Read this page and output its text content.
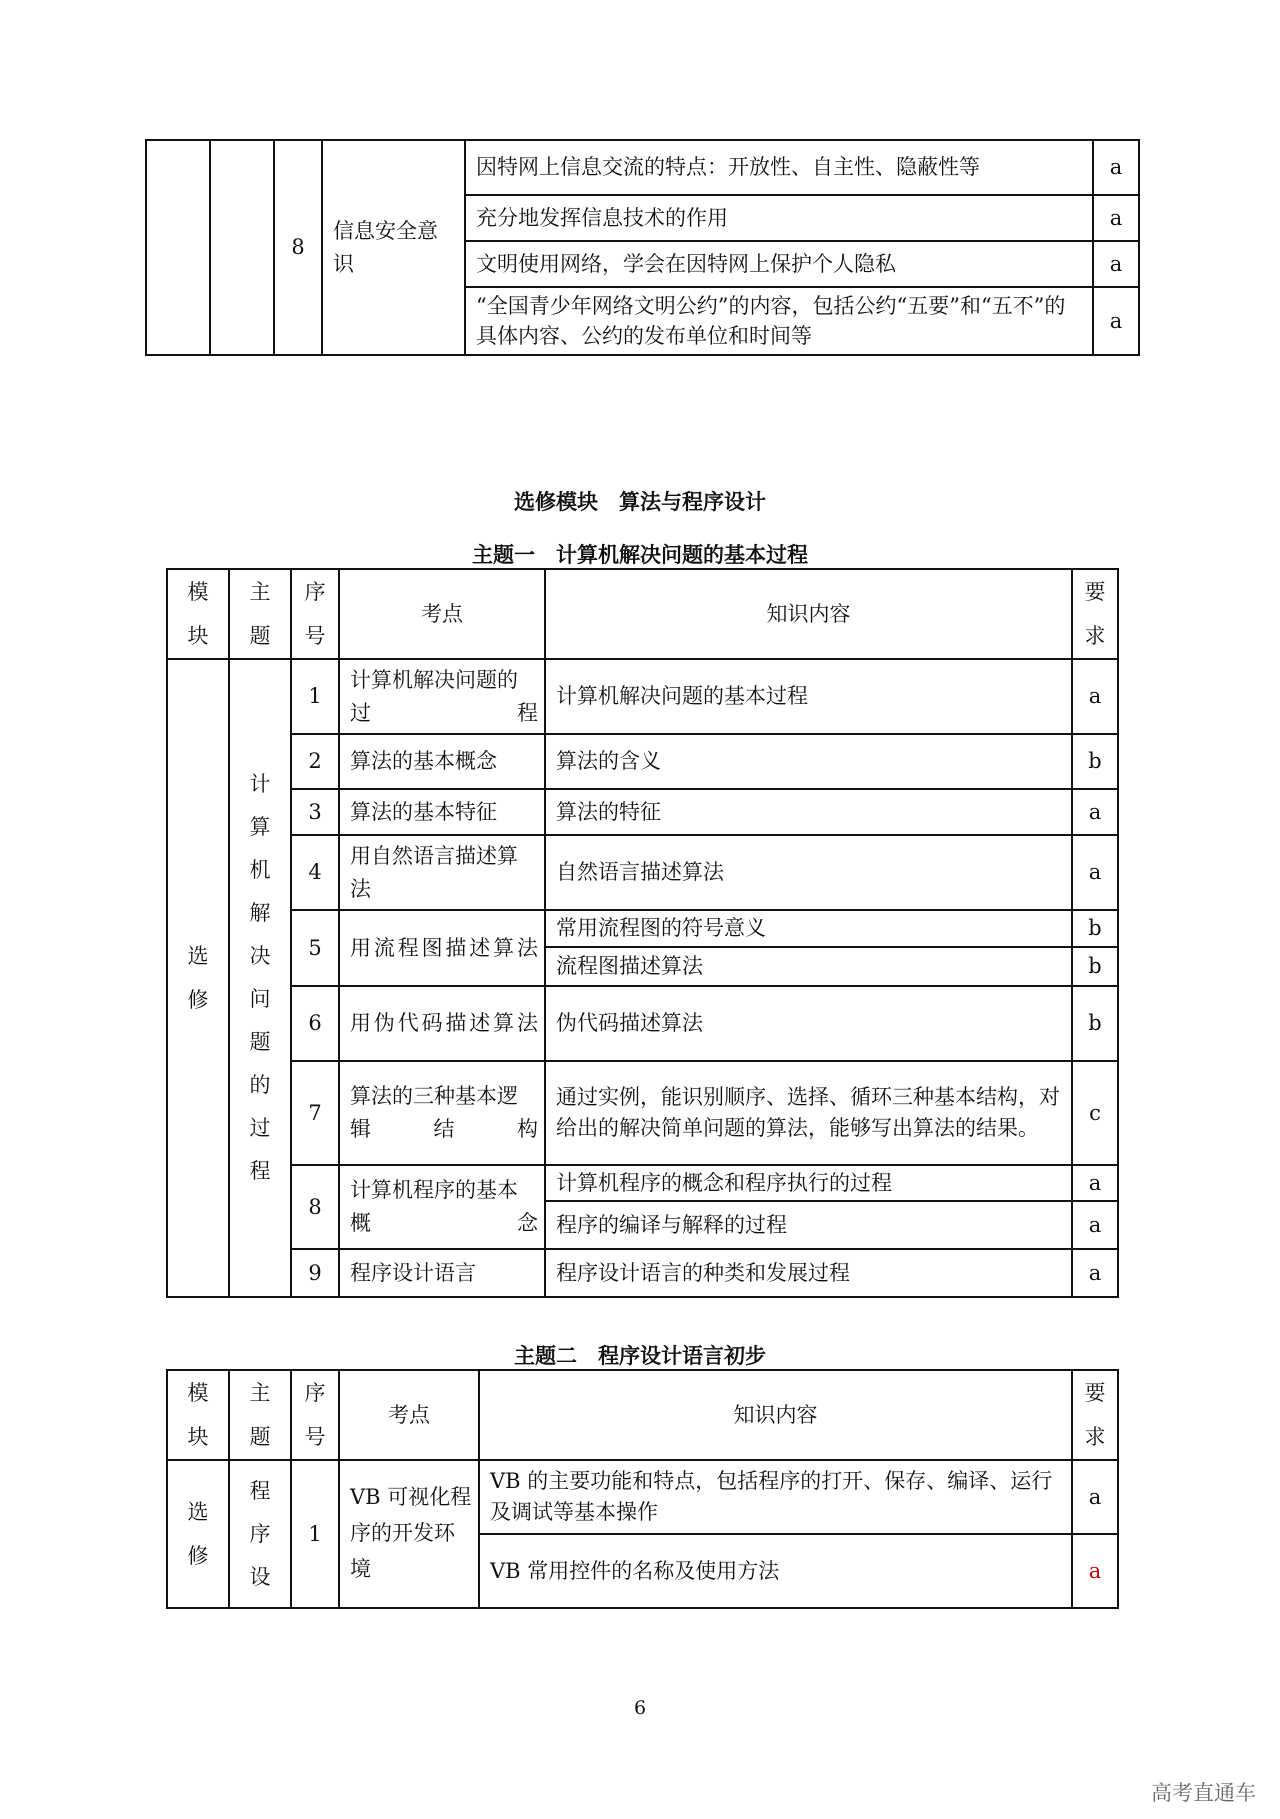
		8	信息安全意识	因特网上信息交流的特点：开放性、自主性、隐蔽性等	a
				充分地发挥信息技术的作用	a
				文明使用网络，学会在因特网上保护个人隐私	a
				“全国青少年网络文明公约”的内容，包括公约“五要”和“五不”的具体内容、公约的发布单位和时间等	a
选修模块　算法与程序设计
主题一　计算机解决问题的基本过程
模块	主题	序号	考点	知识内容	要求
选修	计算机解决问题的过程	1	计算机解决问题的过程	计算机解决问题的基本过程	a
		2	算法的基本概念	算法的含义	b
		3	算法的基本特征	算法的特征	a
		4	用自然语言描述算法	自然语言描述算法	a
		5	用流程图描述算法	常用流程图的符号意义	b
				流程图描述算法	b
		6	用伪代码描述算法	伪代码描述算法	b
		7	算法的三种基本逻辑结构	通过实例，能识别顺序、选择、循环三种基本结构，对给出的解决简单问题的算法，能够写出算法的结果。	c
		8	计算机程序的基本概念	计算机程序的概念和程序执行的过程	a
				程序的编译与解释的过程	a
		9	程序设计语言	程序设计语言的种类和发展过程	a
主题二　程序设计语言初步
模块	主题	序号	考点	知识内容	要求
选修	程序设	1	VB 可视化程序的开发环境	VB 的主要功能和特点，包括程序的打开、保存、编译、运行及调试等基本操作	a
				VB 常用控件的名称及使用方法	a
6
高考直通车
